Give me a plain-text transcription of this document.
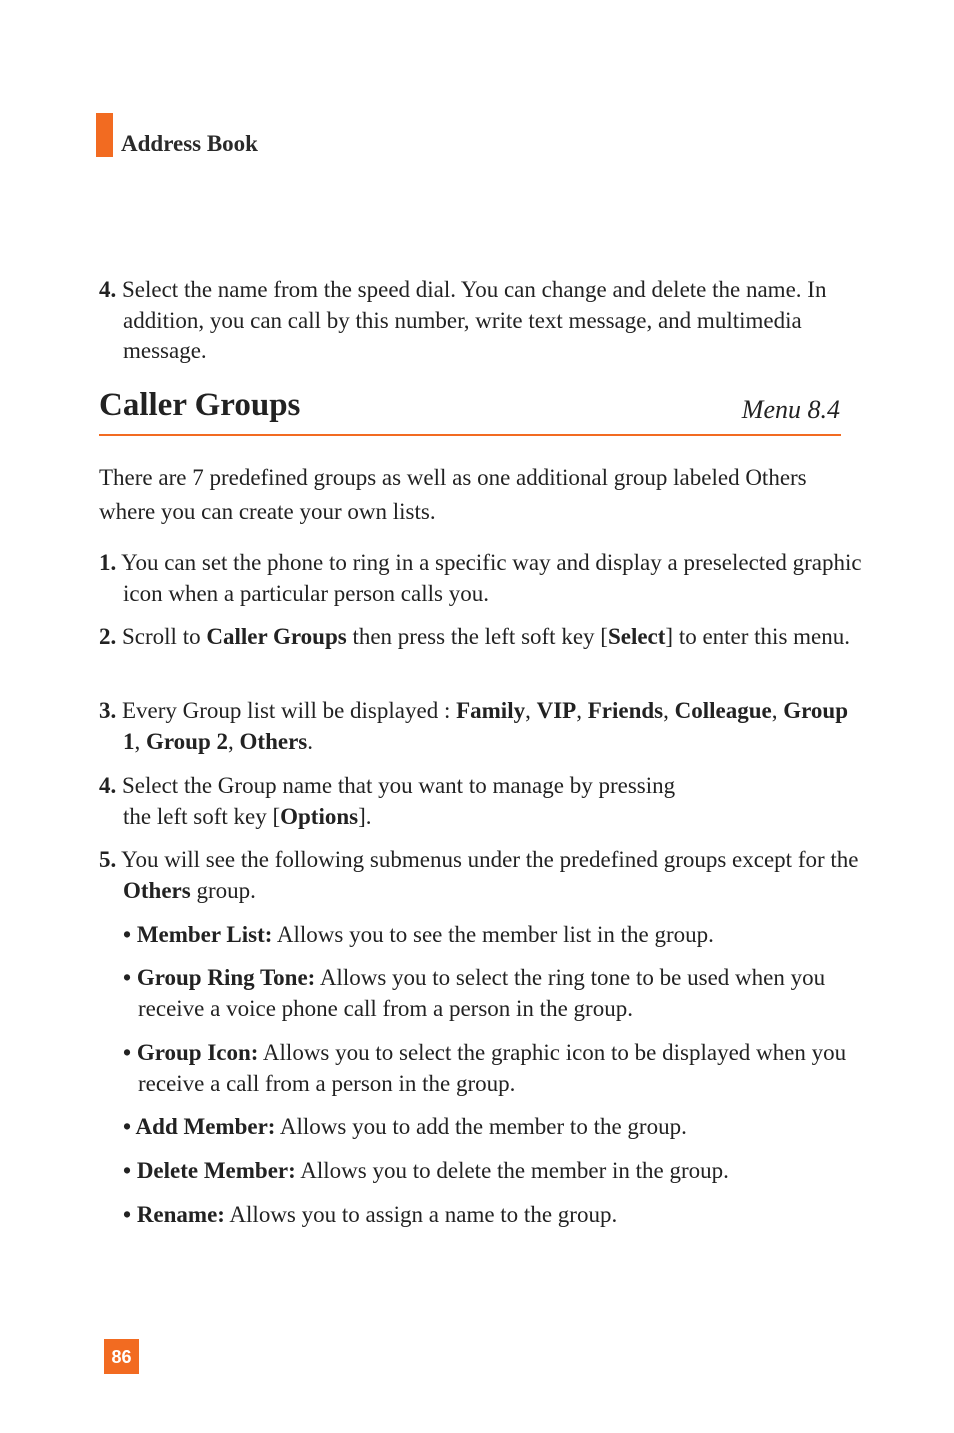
Address Book
4. Select the name from the speed dial. You can change and delete the name. In addition, you can call by this number, write text message, and multimedia message.
Caller Groups	Menu 8.4
There are 7 predefined groups as well as one additional group labeled Others where you can create your own lists.
1. You can set the phone to ring in a specific way and display a preselected graphic icon when a particular person calls you.
2. Scroll to Caller Groups then press the left soft key [Select] to enter this menu.
3. Every Group list will be displayed : Family, VIP, Friends, Colleague, Group 1, Group 2, Others.
4. Select the Group name that you want to manage by pressing
the left soft key [Options].
5. You will see the following submenus under the predefined groups except for the Others group.
• Member List: Allows you to see the member list in the group.
• Group Ring Tone: Allows you to select the ring tone to be used when you receive a voice phone call from a person in the group.
• Group Icon: Allows you to select the graphic icon to be displayed when you receive a call from a person in the group.
• Add Member: Allows you to add the member to the group.
• Delete Member: Allows you to delete the member in the group.
• Rename: Allows you to assign a name to the group.
86
